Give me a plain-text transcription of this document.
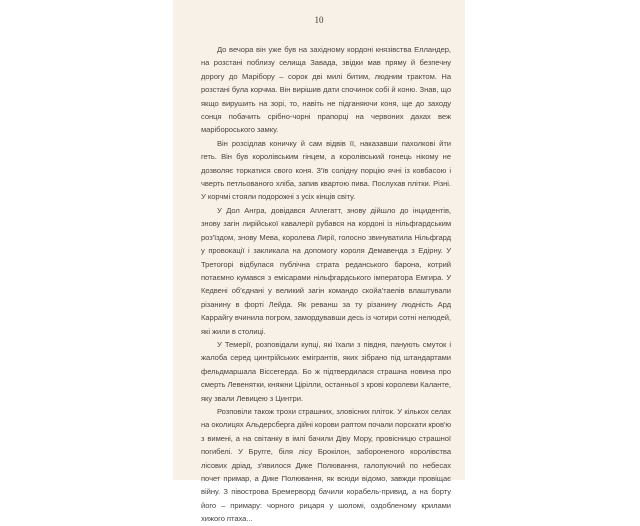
10

До вечора він уже був на західному кордоні князівства Елландер, на розстані поблизу селища Завада, звідки мав пряму й безпечну дорогу до Марібору – сорок дві милі битим, людним трактом. На розстані була корчма. Він вирішив дати спочинок собі й коню. Знав, що якщо вирушить на зорі, то, навіть не підганяючи коня, ще до заходу сонця побачить срібно-чорні прапорці на червоних дахах веж марібороського замку.

Він розсідлав коничку й сам відвів її, наказавши пахолкові йти геть. Він був королівським гінцем, а королівський гонець нікому не дозволяє торкатися свого коня. З'їв солідну порцію ячні із ковбасою і чверть петльованого хліба, запив квартою пива. Послухав плітки. Різні. У корчмі стояли подорожні з усіх кінців світу.

У Дол Ангра, довідався Аплегатт, знову дійшло до інцидентів, знову загін лирійської кавалерії рубався на кордоні із нільфгардським роз'їздом, знову Мева, королева Лирії, голосно звинуватила Нільфгард у провокації і закликала на допомогу короля Демавенда з Едірну. У Третогорі відбулася публічна страта реданського барона, котрий потаємно кумався з емісарами нільфгардського імператора Емгира. У Кедвені об'єднані у великий загін командо скойа'таелів влаштували різанину в форті Лейда. Як реванш за ту різанину людність Ард Каррайгу вчинила погром, замордувавши десь із чотири сотні нелюдей, які жили в столиці.

У Темерії, розповідали купці, які їхали з півдня, панують смуток і жалоба серед цинтрійських емігрантів, яких зібрано під штандартами фельдмаршала Віссегерда. Бо ж підтвердилася страшна новина про смерть Левенятки, княжни Цірілли, останньої з крові королеви Каланте, яку звали Левицею з Цинтри.

Розповіли також трохи страшних, зловісних пліток. У кількох селах на околицях Альдерсберга дійні корови раптом почали порскати кров'ю з вимені, а на світанку в імлі бачили Діву Мору, провісницю страшної погибелі. У Бругге, біля лісу Брокілон, забороненого королівства лісових дріад, з'явилося Дике Полювання, галопуючий по небесах почет примар, а Дике Полювання, як всюди відомо, завжди провіщає війну. З півострова Бремерворд бачили корабель-привид, а на борту його – примару: чорного рицаря у шоломі, оздобленому крилами хижого птаха...
